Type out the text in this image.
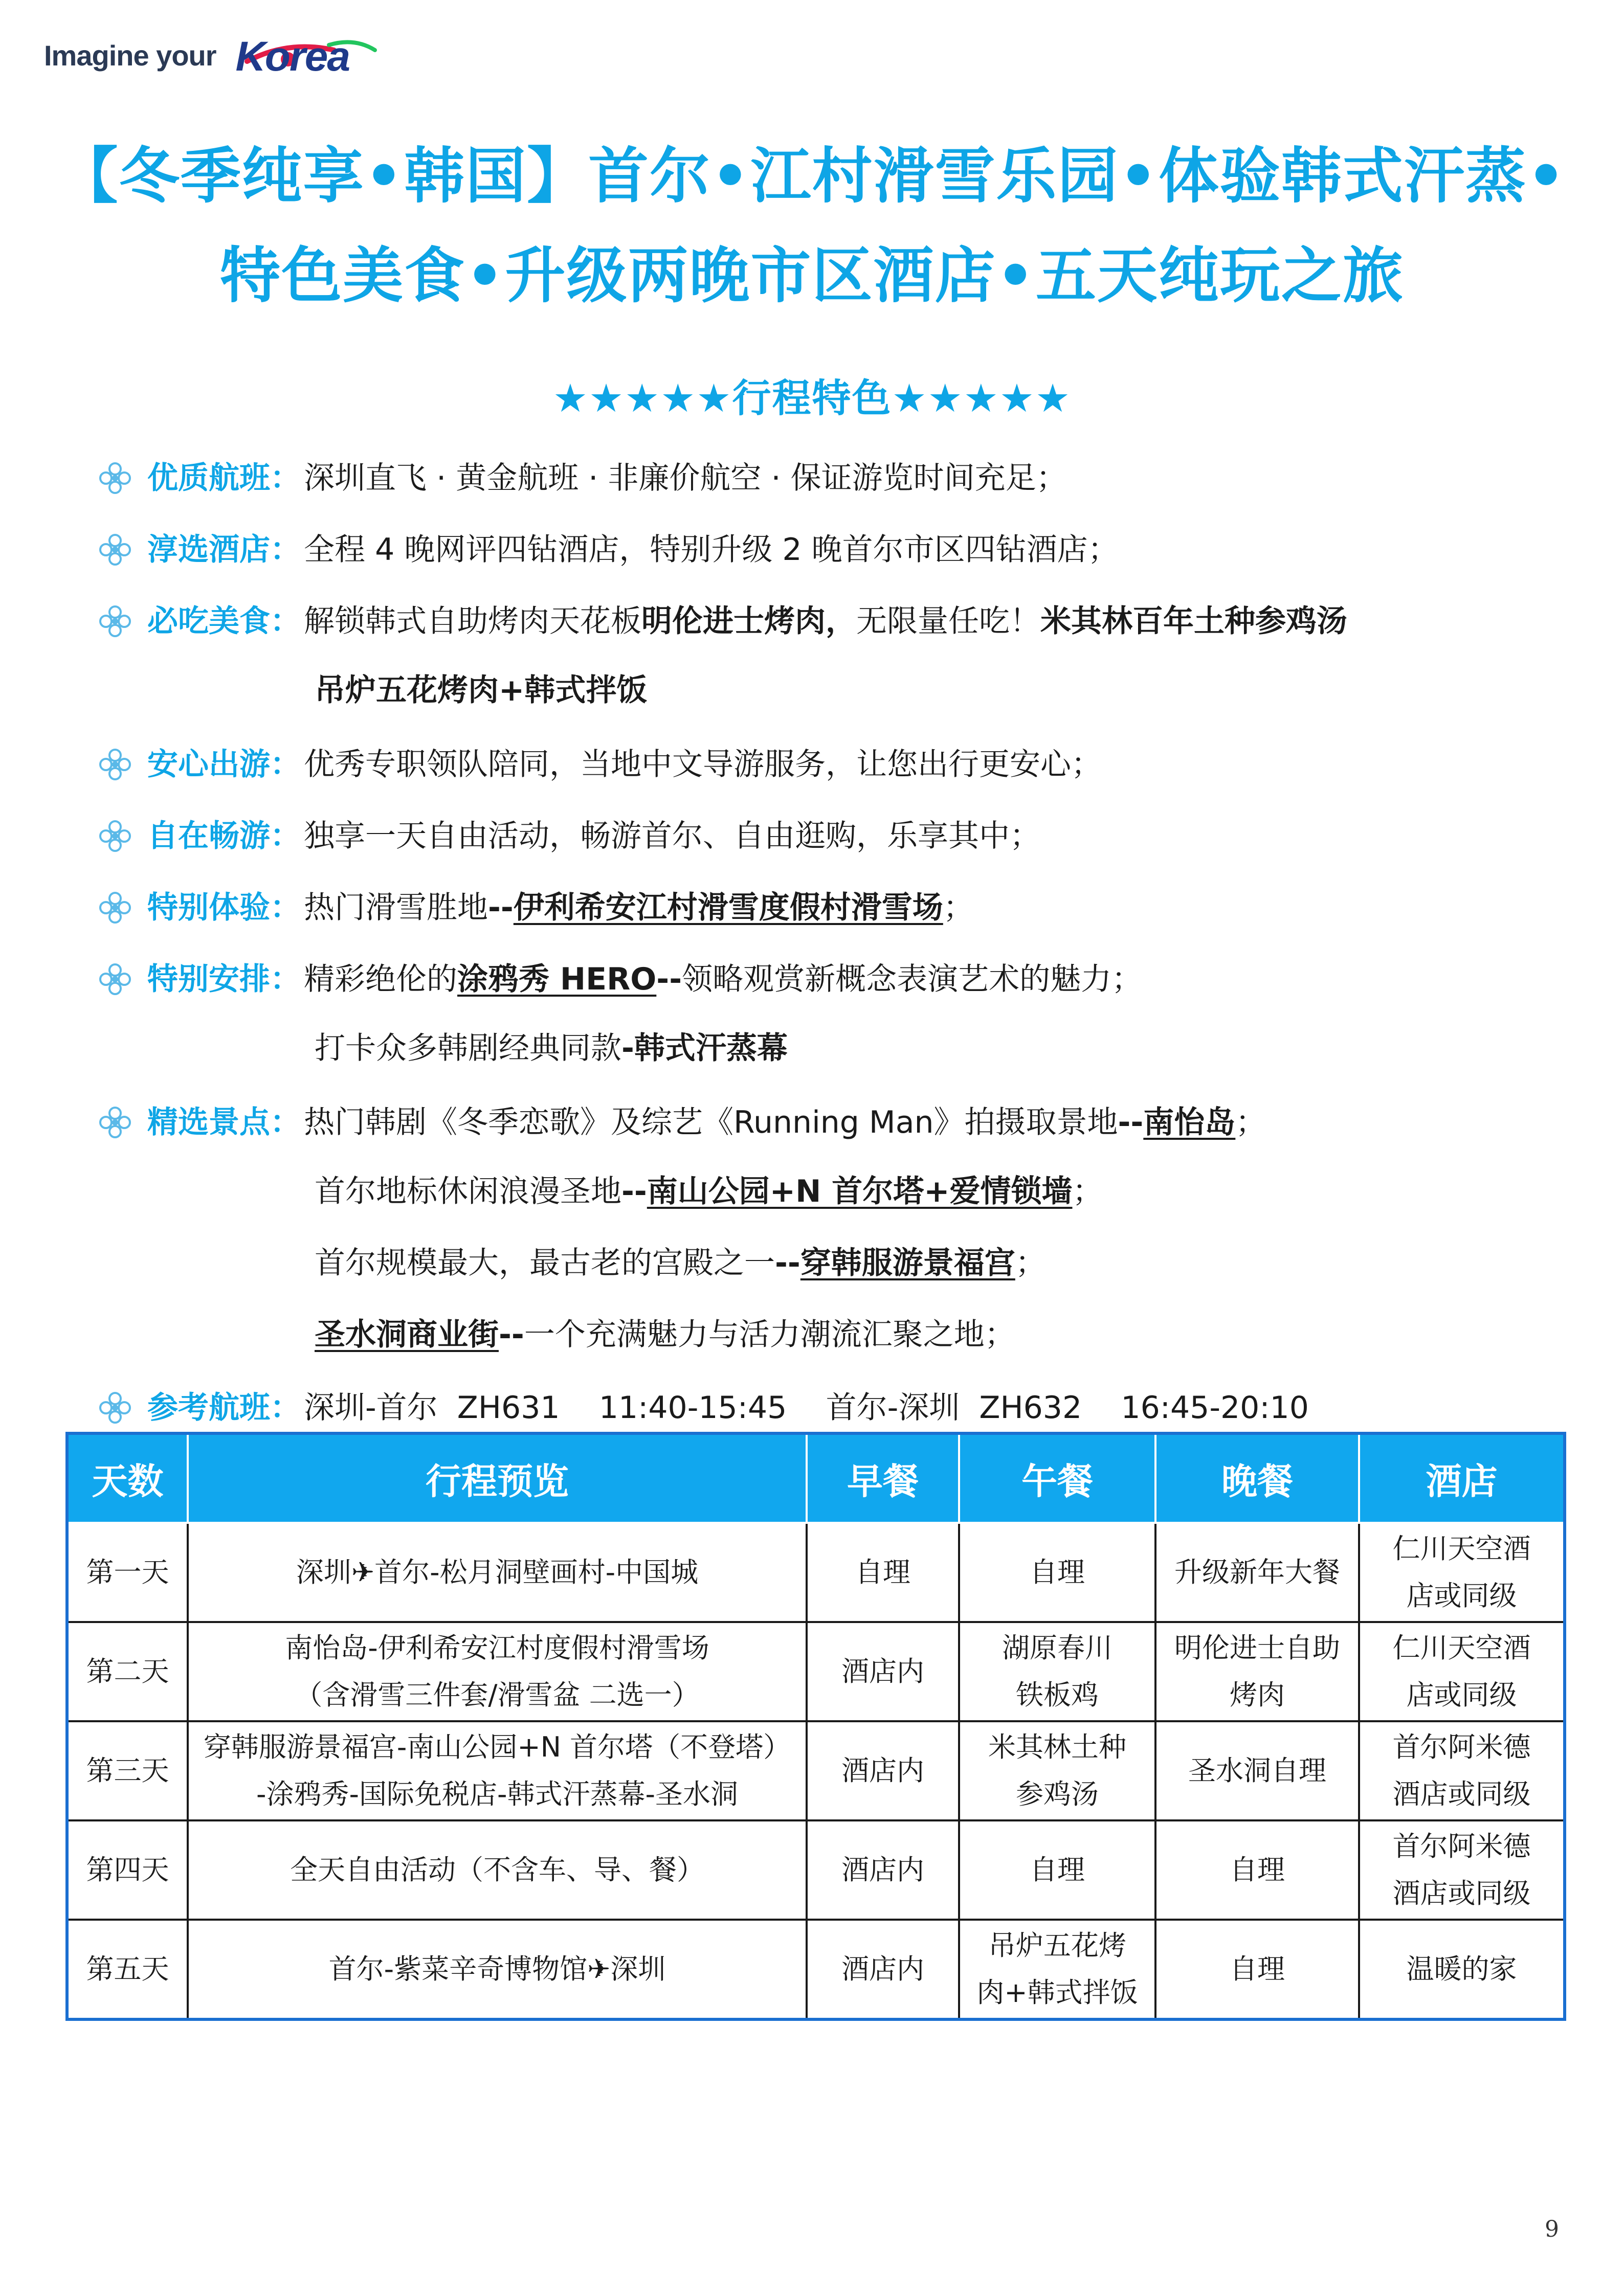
Imagine your Korea
【冬季纯享•韩国】首尔•江村滑雪乐园•体验韩式汗蒸•
特色美食•升级两晚市区酒店•五天纯玩之旅
★★★★★行程特色★★★★★
优质航班 ： 深圳直飞 · 黄金航班 · 非廉价航空 · 保证游览时间充足；
淳选酒店 ： 全程 4 晚网评四钻酒店，特别升级 2 晚首尔市区四钻酒店；
必吃美食 ： 解锁韩式自助烤肉天花板 明伦进士烤肉， 无限量任吃！ 米其林百年土种参鸡汤
吊炉五花烤肉+韩式拌饭
安心出游 ： 优秀专职领队陪同，当地中文导游服务，让您出行更安心；
自在畅游 ： 独享一天自由活动，畅游首尔、自由逛购，乐享其中；
特别体验 ： 热门滑雪胜地 -- 伊利希安江村滑雪度假村滑雪场 ；
特别安排 ： 精彩绝伦的 涂鸦秀 HERO -- 领略观赏新概念表演艺术的魅力；
打卡众多韩剧经典同款-韩式汗蒸幕
精选景点 ： 热门韩剧《冬季恋歌》及综艺《Running Man》拍摄取景地 -- 南怡岛 ；
首尔地标休闲浪漫圣地--南山公园+N 首尔塔+爱情锁墙；
首尔规模最大，最古老的宫殿之一--穿韩服游景福宫；
圣水洞商业街--一个充满魅力与活力潮流汇聚之地；
参考航班 ： 深圳-首尔  ZH631    11:40-15:45    首尔-深圳  ZH632    16:45-20:10
天数	行程预览	早餐	午餐	晚餐	酒店
第一天	深圳✈首尔-松月洞壁画村-中国城	自理	自理	升级新年大餐	仁川天空酒
店或同级

第二天	南怡岛-伊利希安江村度假村滑雪场
（含滑雪三件套/滑雪盆 二选一）	酒店内	湖原春川
铁板鸡	明伦进士自助
烤肉	仁川天空酒
店或同级

第三天	穿韩服游景福宫-南山公园+N 首尔塔（不登塔）
-涂鸦秀-国际免税店-韩式汗蒸幕-圣水洞	酒店内	米其林土种
参鸡汤	圣水洞自理	首尔阿米德
酒店或同级

第四天	全天自由活动（不含车、导、餐）	酒店内	自理	自理	首尔阿米德
酒店或同级

第五天	首尔-紫菜辛奇博物馆✈深圳	酒店内	吊炉五花烤
肉+韩式拌饭	自理	温暖的家
9
